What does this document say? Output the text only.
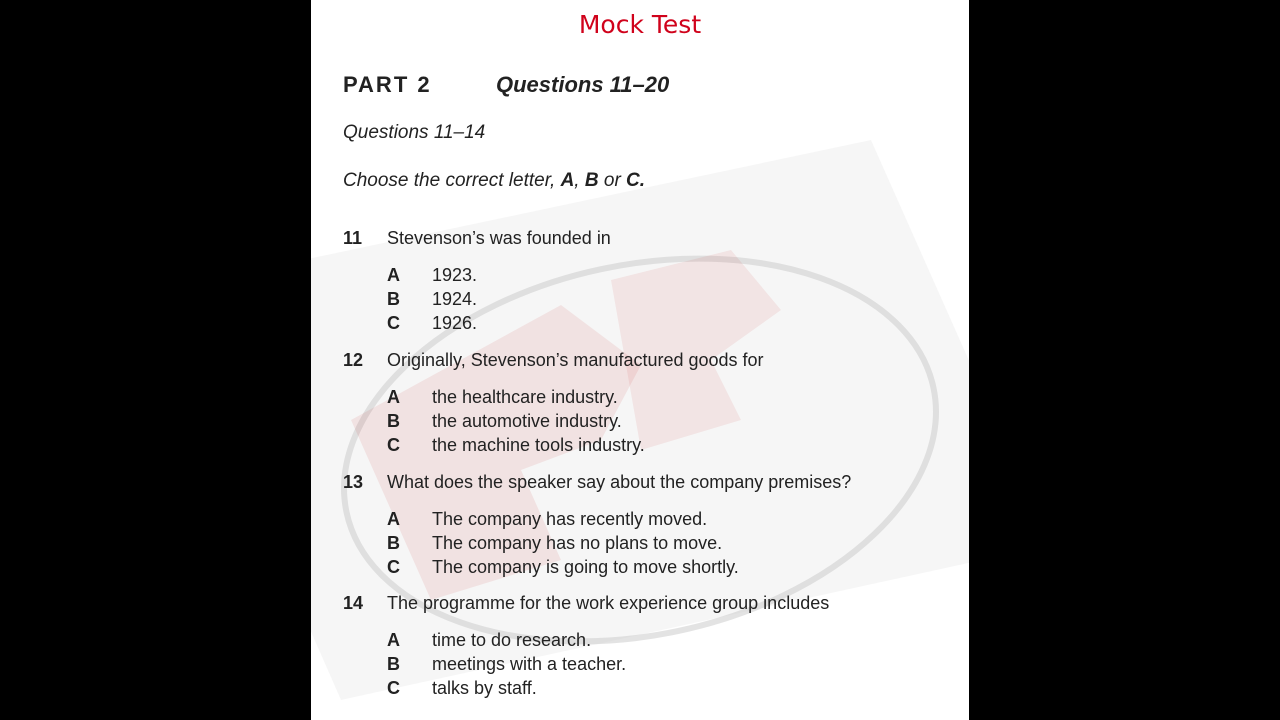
Mock Test
PART 2	Questions 11–20
Questions 11–14
Choose the correct letter, A, B or C.
11 Stevenson’s was founded in
A 1923.
B 1924.
C 1926.
12 Originally, Stevenson’s manufactured goods for
A the healthcare industry.
B the automotive industry.
C the machine tools industry.
13 What does the speaker say about the company premises?
A The company has recently moved.
B The company has no plans to move.
C The company is going to move shortly.
14 The programme for the work experience group includes
A time to do research.
B meetings with a teacher.
C talks by staff.
